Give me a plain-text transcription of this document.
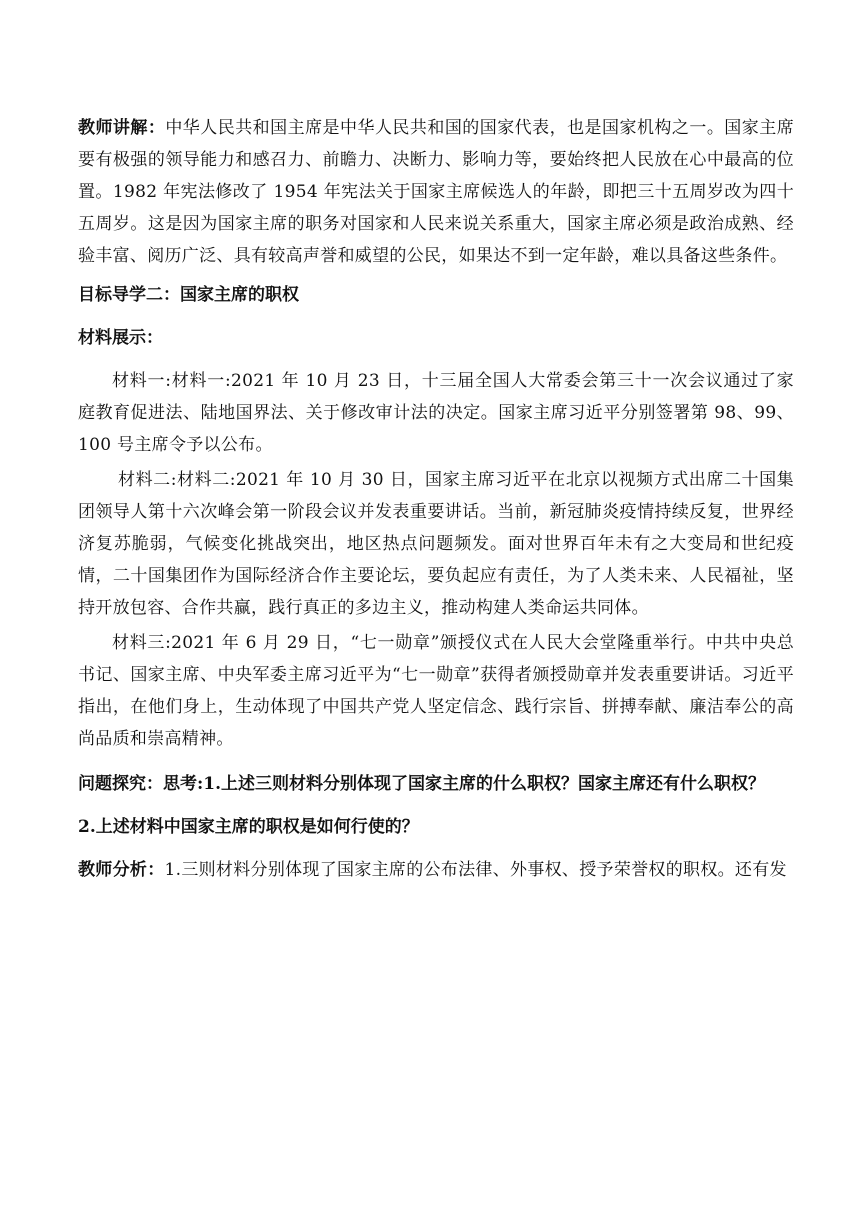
教师讲解：中华人民共和国主席是中华人民共和国的国家代表，也是国家机构之一。国家主席要有极强的领导能力和感召力、前瞻力、决断力、影响力等，要始终把人民放在心中最高的位置。1982 年宪法修改了 1954 年宪法关于国家主席候选人的年龄，即把三十五周岁改为四十五周岁。这是因为国家主席的职务对国家和人民来说关系重大，国家主席必须是政治成熟、经验丰富、阅历广泛、具有较高声誉和威望的公民，如果达不到一定年龄，难以具备这些条件。

目标导学二：国家主席的职权

材料展示：

材料一:材料一:2021 年 10 月 23 日，十三届全国人大常委会第三十一次会议通过了家庭教育促进法、陆地国界法、关于修改审计法的决定。国家主席习近平分别签署第 98、99、100 号主席令予以公布。

材料二:材料二:2021 年 10 月 30 日，国家主席习近平在北京以视频方式出席二十国集团领导人第十六次峰会第一阶段会议并发表重要讲话。当前，新冠肺炎疫情持续反复，世界经济复苏脆弱，气候变化挑战突出，地区热点问题频发。面对世界百年未有之大变局和世纪疫情，二十国集团作为国际经济合作主要论坛，要负起应有责任，为了人类未来、人民福祉，坚持开放包容、合作共赢，践行真正的多边主义，推动构建人类命运共同体。

材料三:2021 年 6 月 29 日，“七一勋章”颁授仪式在人民大会堂隆重举行。中共中央总书记、国家主席、中央军委主席习近平为“七一勋章”获得者颁授勋章并发表重要讲话。习近平指出，在他们身上，生动体现了中国共产党人坚定信念、践行宗旨、拼搏奉献、廉洁奉公的高尚品质和崇高精神。

问题探究：思考:1.上述三则材料分别体现了国家主席的什么职权？国家主席还有什么职权？

2.上述材料中国家主席的职权是如何行使的？

教师分析：1.三则材料分别体现了国家主席的公布法律、外事权、授予荣誉权的职权。还有发
